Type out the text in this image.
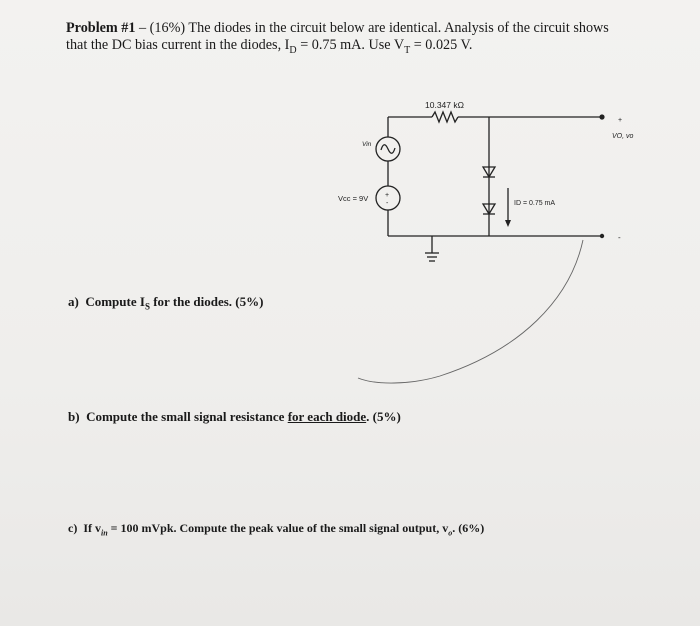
Problem #1 – (16%) The diodes in the circuit below are identical. Analysis of the circuit shows
that the DC bias current in the diodes, $I_D = 0.75$ mA. Use $V_T = 0.025$ V.
+
-
10.347 kΩ
Vin
Vcc = 9V
ID = 0.75 mA
VO, vo
+
-
a) Compute $I_S$ for the diodes. (5%)
b) Compute the small signal resistance for each diode. (5%)
c) If $v_{in} = 100$ mVpk. Compute the peak value of the small signal output, $v_o$. (6%)
